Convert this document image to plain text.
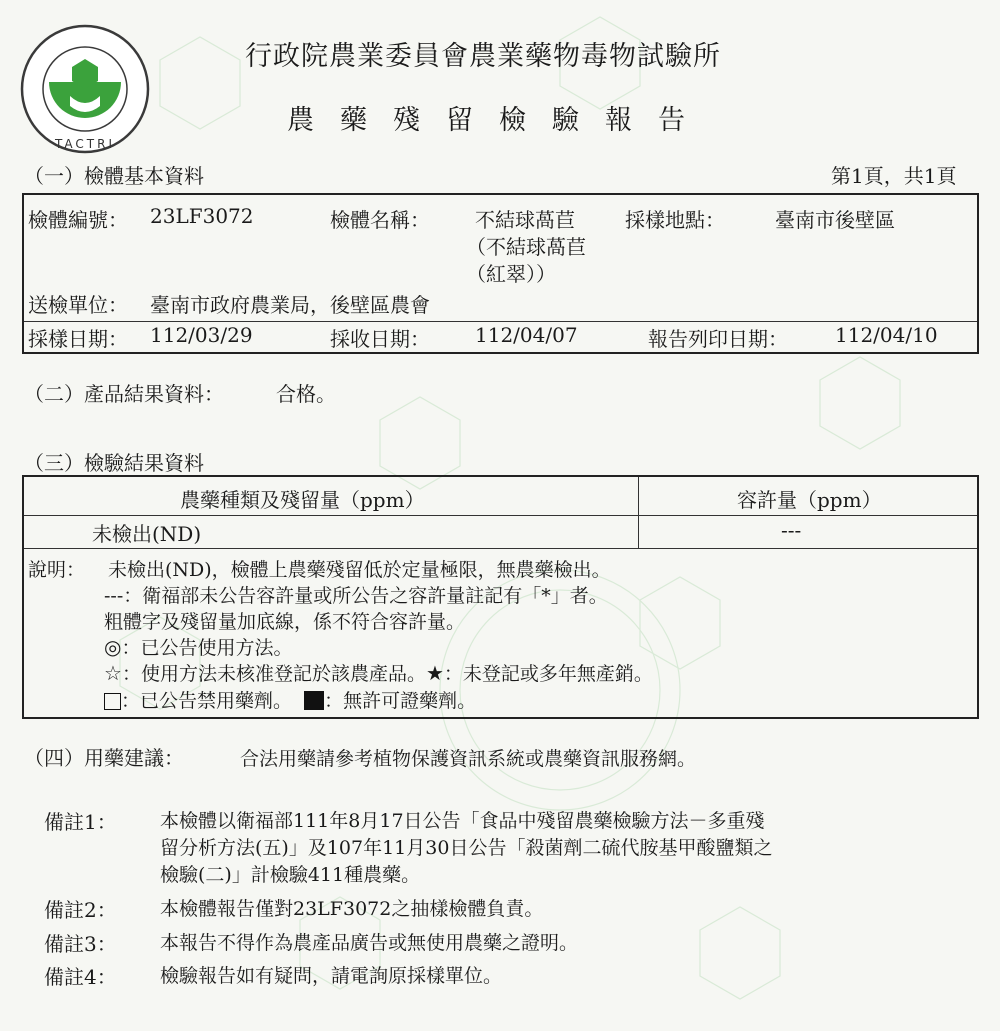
TACTRI
行政院農業委員會農業藥物毒物試驗所
農藥殘留檢驗報告
（一）檢體基本資料	第1頁，共1頁
檢體編號： 23LF3072	檢體名稱： 不結球萵苣
（不結球萵苣
（紅翠））
採樣地點：	臺南市後壁區
送檢單位： 臺南市政府農業局，後壁區農會
採樣日期： 112/03/29	採收日期： 112/04/07	報告列印日期： 112/04/10
（二）產品結果資料：	合格。
（三）檢驗結果資料
農藥種類及殘留量（ppm）	容許量（ppm）
未檢出(ND)	---
說明： 未檢出(ND)，檢體上農藥殘留低於定量極限，無農藥檢出。
---：衛福部未公告容許量或所公告之容許量註記有「*」者。
粗體字及殘留量加底線，係不符合容許量。
◎：已公告使用方法。
☆：使用方法未核准登記於該農產品。★：未登記或多年無產銷。
：已公告禁用藥劑。 ：無許可證藥劑。
（四）用藥建議：	合法用藥請參考植物保護資訊系統或農藥資訊服務網。
備註1： 本檢體以衛福部111年8月17日公告「食品中殘留農藥檢驗方法－多重殘
留分析方法(五)」及107年11月30日公告「殺菌劑二硫代胺基甲酸鹽類之
檢驗(二)」計檢驗411種農藥。
備註2： 本檢體報告僅對23LF3072之抽樣檢體負責。
備註3： 本報告不得作為農產品廣告或無使用農藥之證明。
備註4： 檢驗報告如有疑問，請電詢原採樣單位。
